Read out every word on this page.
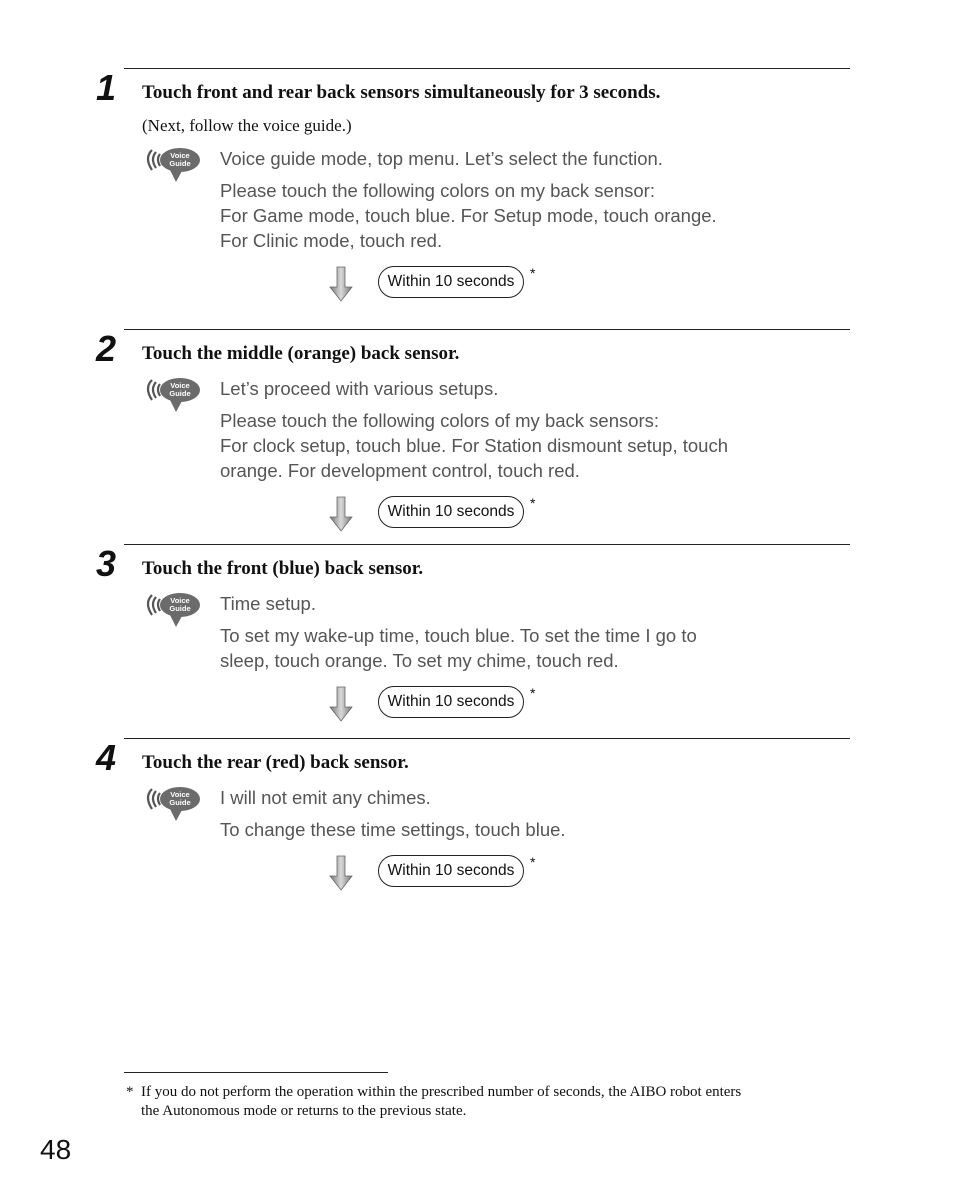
1 Touch front and rear back sensors simultaneously for 3 seconds.
(Next, follow the voice guide.)
Voice
Guide Voice guide mode, top menu. Let’s select the function.
Please touch the following colors on my back sensor:
For Game mode, touch blue. For Setup mode, touch orange.
For Clinic mode, touch red.
Within 10 seconds	*
2 Touch the middle (orange) back sensor.
Voice
Guide Let’s proceed with various setups.
Please touch the following colors of my back sensors:
For clock setup, touch blue. For Station dismount setup, touch
orange. For development control, touch red.
Within 10 seconds	*
3 Touch the front (blue) back sensor.
Voice
Guide Time setup.
To set my wake-up time, touch blue. To set the time I go to
sleep, touch orange. To set my chime, touch red.
Within 10 seconds	*
4 Touch the rear (red) back sensor.
Voice
Guide I will not emit any chimes.
To change these time settings, touch blue.
Within 10 seconds	*
* If you do not perform the operation within the prescribed number of seconds, the AIBO robot enters
the Autonomous mode or returns to the previous state.
48
